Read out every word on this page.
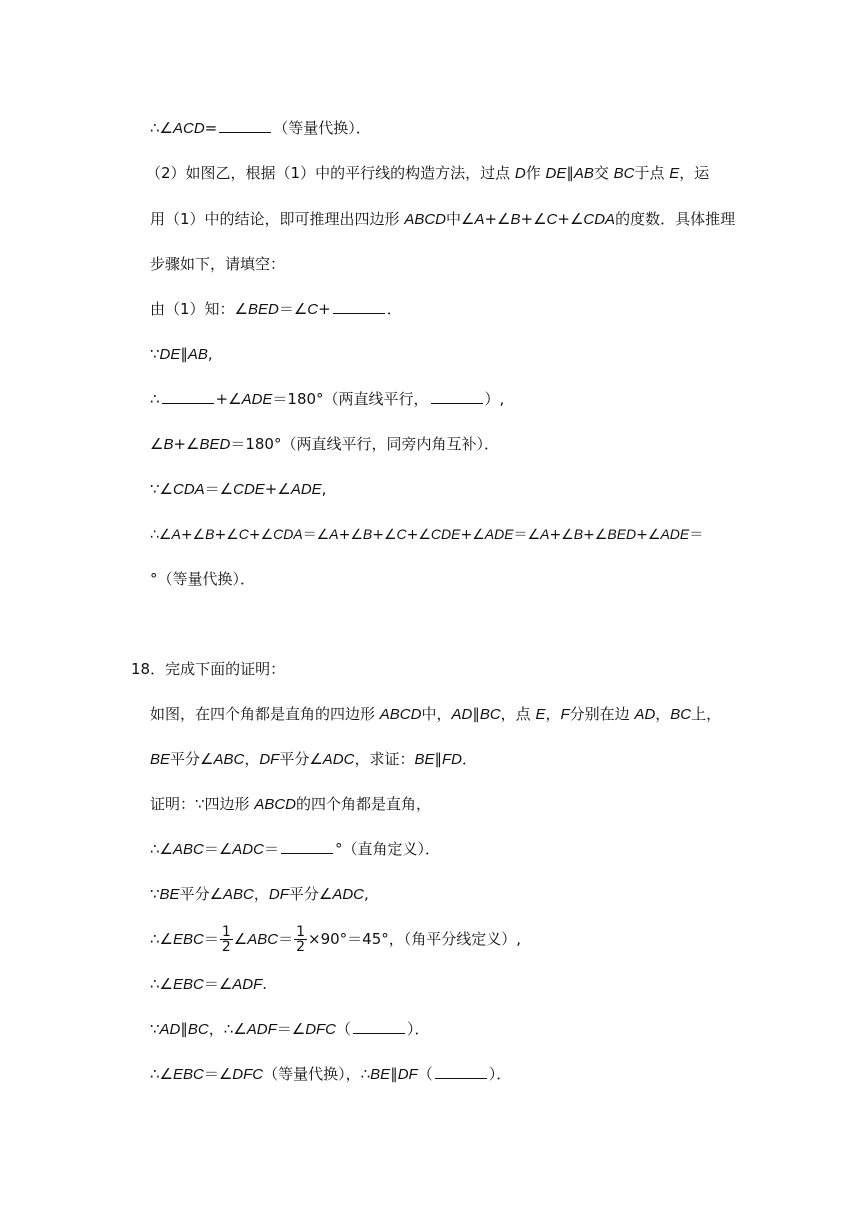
∴∠ACD=	（等量代换）．
（2）如图乙，根据（1）中的平行线的构造方法，过点 D作 DE∥AB交 BC于点 E，运
用（1）中的结论，即可推理出四边形 ABCD中∠A+∠B+∠C+∠CDA的度数．具体推理
步骤如下，请填空：
由（1）知：∠BED＝∠C+	．
∵DE∥AB,
∴	+∠ADE＝180°（两直线平行，	）,
∠B+∠BED＝180°（两直线平行，同旁内角互补）．
∵∠CDA＝∠CDE+∠ADE,
∴∠A+∠B+∠C+∠CDA＝∠A+∠B+∠C+∠CDE+∠ADE＝∠A+∠B+∠BED+∠ADE＝
°（等量代换）．
18．完成下面的证明：
如图，在四个角都是直角的四边形 ABCD中，AD∥BC，点 E，F分别在边 AD，BC上，
BE平分∠ABC，DF平分∠ADC，求证：BE∥FD．
证明：∵四边形 ABCD的四个角都是直角，
∴∠ABC＝∠ADC＝	°（直角定义）．
∵BE平分∠ABC，DF平分∠ADC,
∴∠EBC＝ $\frac{1}{2}$ ∠ABC＝ $\frac{1}{2} \times 90^\circ=45^\circ$，（角平分线定义）,
∴∠EBC＝∠ADF.
∵AD∥BC，∴∠ADF＝∠DFC（	）．
∴∠EBC＝∠DFC（等量代换），∴BE∥DF（	）．
